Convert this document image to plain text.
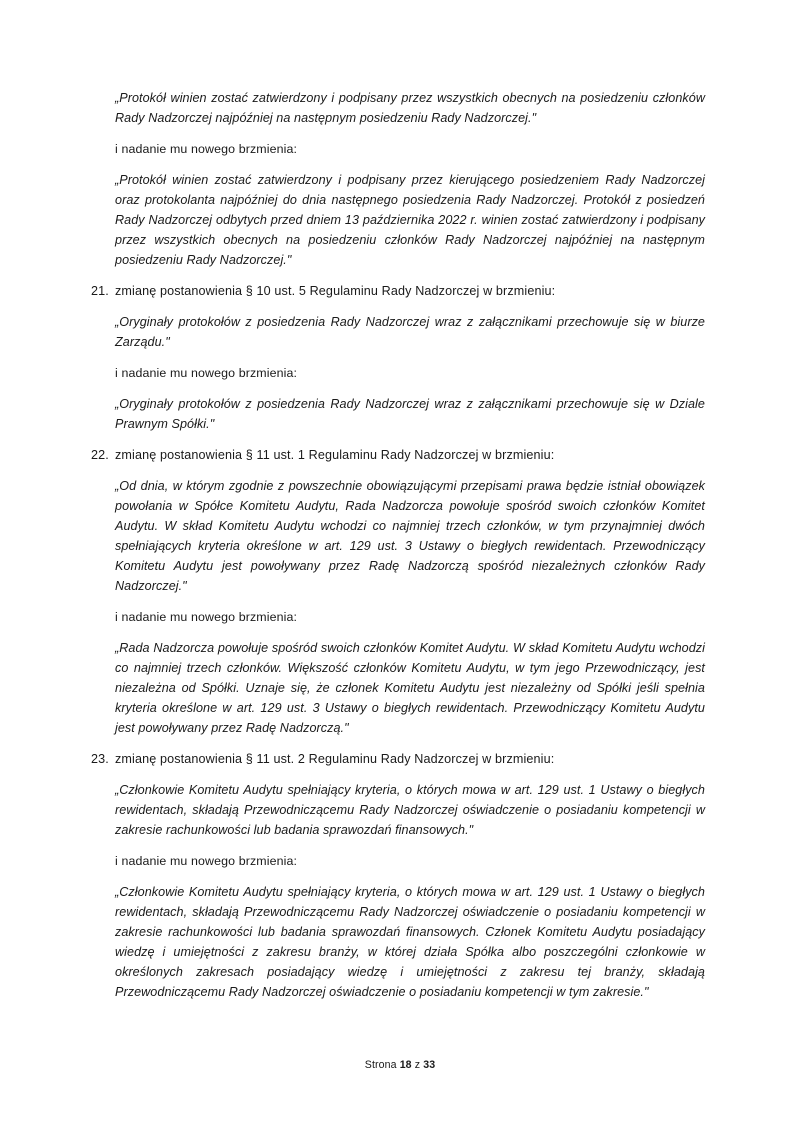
„Protokół winien zostać zatwierdzony i podpisany przez wszystkich obecnych na posiedzeniu członków Rady Nadzorczej najpóźniej na następnym posiedzeniu Rady Nadzorczej."

i nadanie mu nowego brzmienia:

„Protokół winien zostać zatwierdzony i podpisany przez kierującego posiedzeniem Rady Nadzorczej oraz protokolanta najpóźniej do dnia następnego posiedzenia Rady Nadzorczej. Protokół z posiedzeń Rady Nadzorczej odbytych przed dniem 13 października 2022 r. winien zostać zatwierdzony i podpisany przez wszystkich obecnych na posiedzeniu członków Rady Nadzorczej najpóźniej na następnym posiedzeniu Rady Nadzorczej."

21. zmianę postanowienia § 10 ust. 5 Regulaminu Rady Nadzorczej w brzmieniu:

„Oryginały protokołów z posiedzenia Rady Nadzorczej wraz z załącznikami przechowuje się w biurze Zarządu."

i nadanie mu nowego brzmienia:

„Oryginały protokołów z posiedzenia Rady Nadzorczej wraz z załącznikami przechowuje się w Dziale Prawnym Spółki."

22. zmianę postanowienia § 11 ust. 1 Regulaminu Rady Nadzorczej w brzmieniu:

„Od dnia, w którym zgodnie z powszechnie obowiązującymi przepisami prawa będzie istniał obowiązek powołania w Spółce Komitetu Audytu, Rada Nadzorcza powołuje spośród swoich członków Komitet Audytu. W skład Komitetu Audytu wchodzi co najmniej trzech członków, w tym przynajmniej dwóch spełniających kryteria określone w art. 129 ust. 3 Ustawy o biegłych rewidentach. Przewodniczący Komitetu Audytu jest powoływany przez Radę Nadzorczą spośród niezależnych członków Rady Nadzorczej."

i nadanie mu nowego brzmienia:

„Rada Nadzorcza powołuje spośród swoich członków Komitet Audytu. W skład Komitetu Audytu wchodzi co najmniej trzech członków. Większość członków Komitetu Audytu, w tym jego Przewodniczący, jest niezależna od Spółki. Uznaje się, że członek Komitetu Audytu jest niezależny od Spółki jeśli spełnia kryteria określone w art. 129 ust. 3 Ustawy o biegłych rewidentach. Przewodniczący Komitetu Audytu jest powoływany przez Radę Nadzorczą."

23. zmianę postanowienia § 11 ust. 2 Regulaminu Rady Nadzorczej w brzmieniu:

„Członkowie Komitetu Audytu spełniający kryteria, o których mowa w art. 129 ust. 1 Ustawy o biegłych rewidentach, składają Przewodniczącemu Rady Nadzorczej oświadczenie o posiadaniu kompetencji w zakresie rachunkowości lub badania sprawozdań finansowych."

i nadanie mu nowego brzmienia:

„Członkowie Komitetu Audytu spełniający kryteria, o których mowa w art. 129 ust. 1 Ustawy o biegłych rewidentach, składają Przewodniczącemu Rady Nadzorczej oświadczenie o posiadaniu kompetencji w zakresie rachunkowości lub badania sprawozdań finansowych. Członek Komitetu Audytu posiadający wiedzę i umiejętności z zakresu branży, w której działa Spółka albo poszczególni członkowie w określonych zakresach posiadający wiedzę i umiejętności z zakresu tej branży, składają Przewodniczącemu Rady Nadzorczej oświadczenie o posiadaniu kompetencji w tym zakresie."

Strona 18 z 33
